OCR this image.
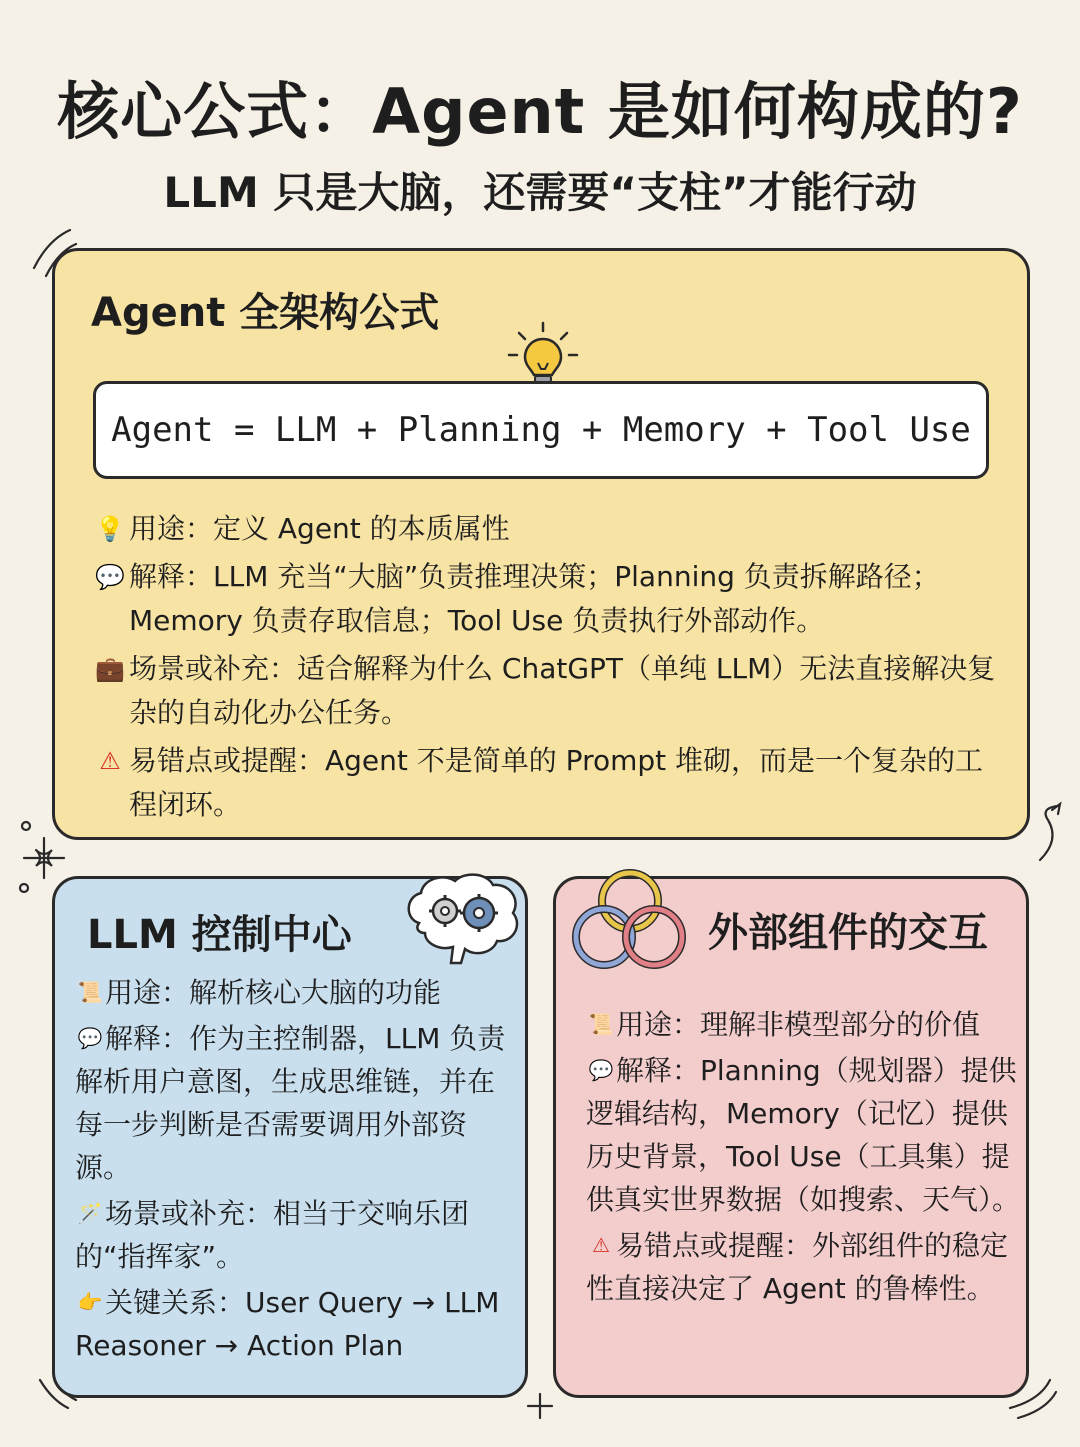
核心公式：Agent 是如何构成的?
LLM 只是大脑，还需要“支柱”才能行动
Agent 全架构公式
Agent = LLM + Planning + Memory + Tool Use
💡 用途：定义 Agent 的本质属性
💬 解释：LLM 充当“大脑”负责推理决策；Planning 负责拆解路径；Memory 负责存取信息；Tool Use 负责执行外部动作。
💼 场景或补充：适合解释为什么 ChatGPT（单纯 LLM）无法直接解决复杂的自动化办公任务。
⚠ 易错点或提醒：Agent 不是简单的 Prompt 堆砌，而是一个复杂的工程闭环。
LLM 控制中心
📜 用途：解析核心大脑的功能
💬 解释：作为主控制器，LLM 负责解析用户意图，生成思维链，并在每一步判断是否需要调用外部资源。
🪄 场景或补充：相当于交响乐团的“指挥家”。
👉 关键关系：User Query → LLM Reasoner → Action Plan
外部组件的交互
📜 用途：理解非模型部分的价值
💬 解释：Planning（规划器）提供逻辑结构，Memory（记忆）提供历史背景，Tool Use（工具集）提供真实世界数据（如搜索、天气）。
⚠ 易错点或提醒：外部组件的稳定性直接决定了 Agent 的鲁棒性。
